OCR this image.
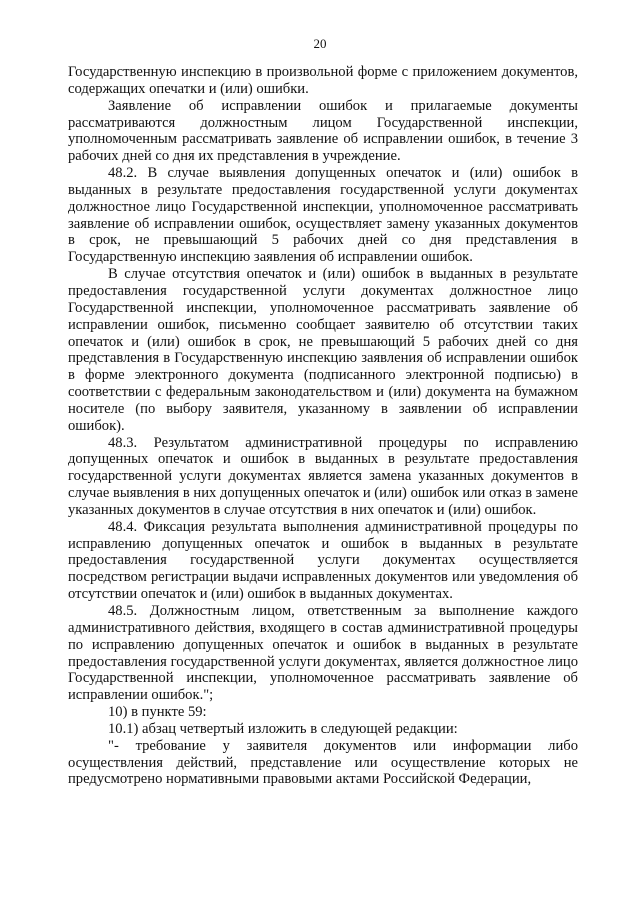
20

Государственную инспекцию в произвольной форме с приложением документов, содержащих опечатки и (или) ошибки.

Заявление об исправлении ошибок и прилагаемые документы рассматриваются должностным лицом Государственной инспекции, уполномоченным рассматривать заявление об исправлении ошибок, в течение 3 рабочих дней со дня их представления в учреждение.

48.2. В случае выявления допущенных опечаток и (или) ошибок в выданных в результате предоставления государственной услуги документах должностное лицо Государственной инспекции, уполномоченное рассматривать заявление об исправлении ошибок, осуществляет замену указанных документов в срок, не превышающий 5 рабочих дней со дня представления в Государственную инспекцию заявления об исправлении ошибок.

В случае отсутствия опечаток и (или) ошибок в выданных в результате предоставления государственной услуги документах должностное лицо Государственной инспекции, уполномоченное рассматривать заявление об исправлении ошибок, письменно сообщает заявителю об отсутствии таких опечаток и (или) ошибок в срок, не превышающий 5 рабочих дней со дня представления в Государственную инспекцию заявления об исправлении ошибок в форме электронного документа (подписанного электронной подписью) в соответствии с федеральным законодательством и (или) документа на бумажном носителе (по выбору заявителя, указанному в заявлении об исправлении ошибок).

48.3. Результатом административной процедуры по исправлению допущенных опечаток и ошибок в выданных в результате предоставления государственной услуги документах является замена указанных документов в случае выявления в них допущенных опечаток и (или) ошибок или отказ в замене указанных документов в случае отсутствия в них опечаток и (или) ошибок.

48.4. Фиксация результата выполнения административной процедуры по исправлению допущенных опечаток и ошибок в выданных в результате предоставления государственной услуги документах осуществляется посредством регистрации выдачи исправленных документов или уведомления об отсутствии опечаток и (или) ошибок в выданных документах.

48.5. Должностным лицом, ответственным за выполнение каждого административного действия, входящего в состав административной процедуры по исправлению допущенных опечаток и ошибок в выданных в результате предоставления государственной услуги документах, является должностное лицо Государственной инспекции, уполномоченное рассматривать заявление об исправлении ошибок.";

10) в пункте 59:

10.1) абзац четвертый изложить в следующей редакции:

"- требование у заявителя документов или информации либо осуществления действий, представление или осуществление которых не предусмотрено нормативными правовыми актами Российской Федерации,
